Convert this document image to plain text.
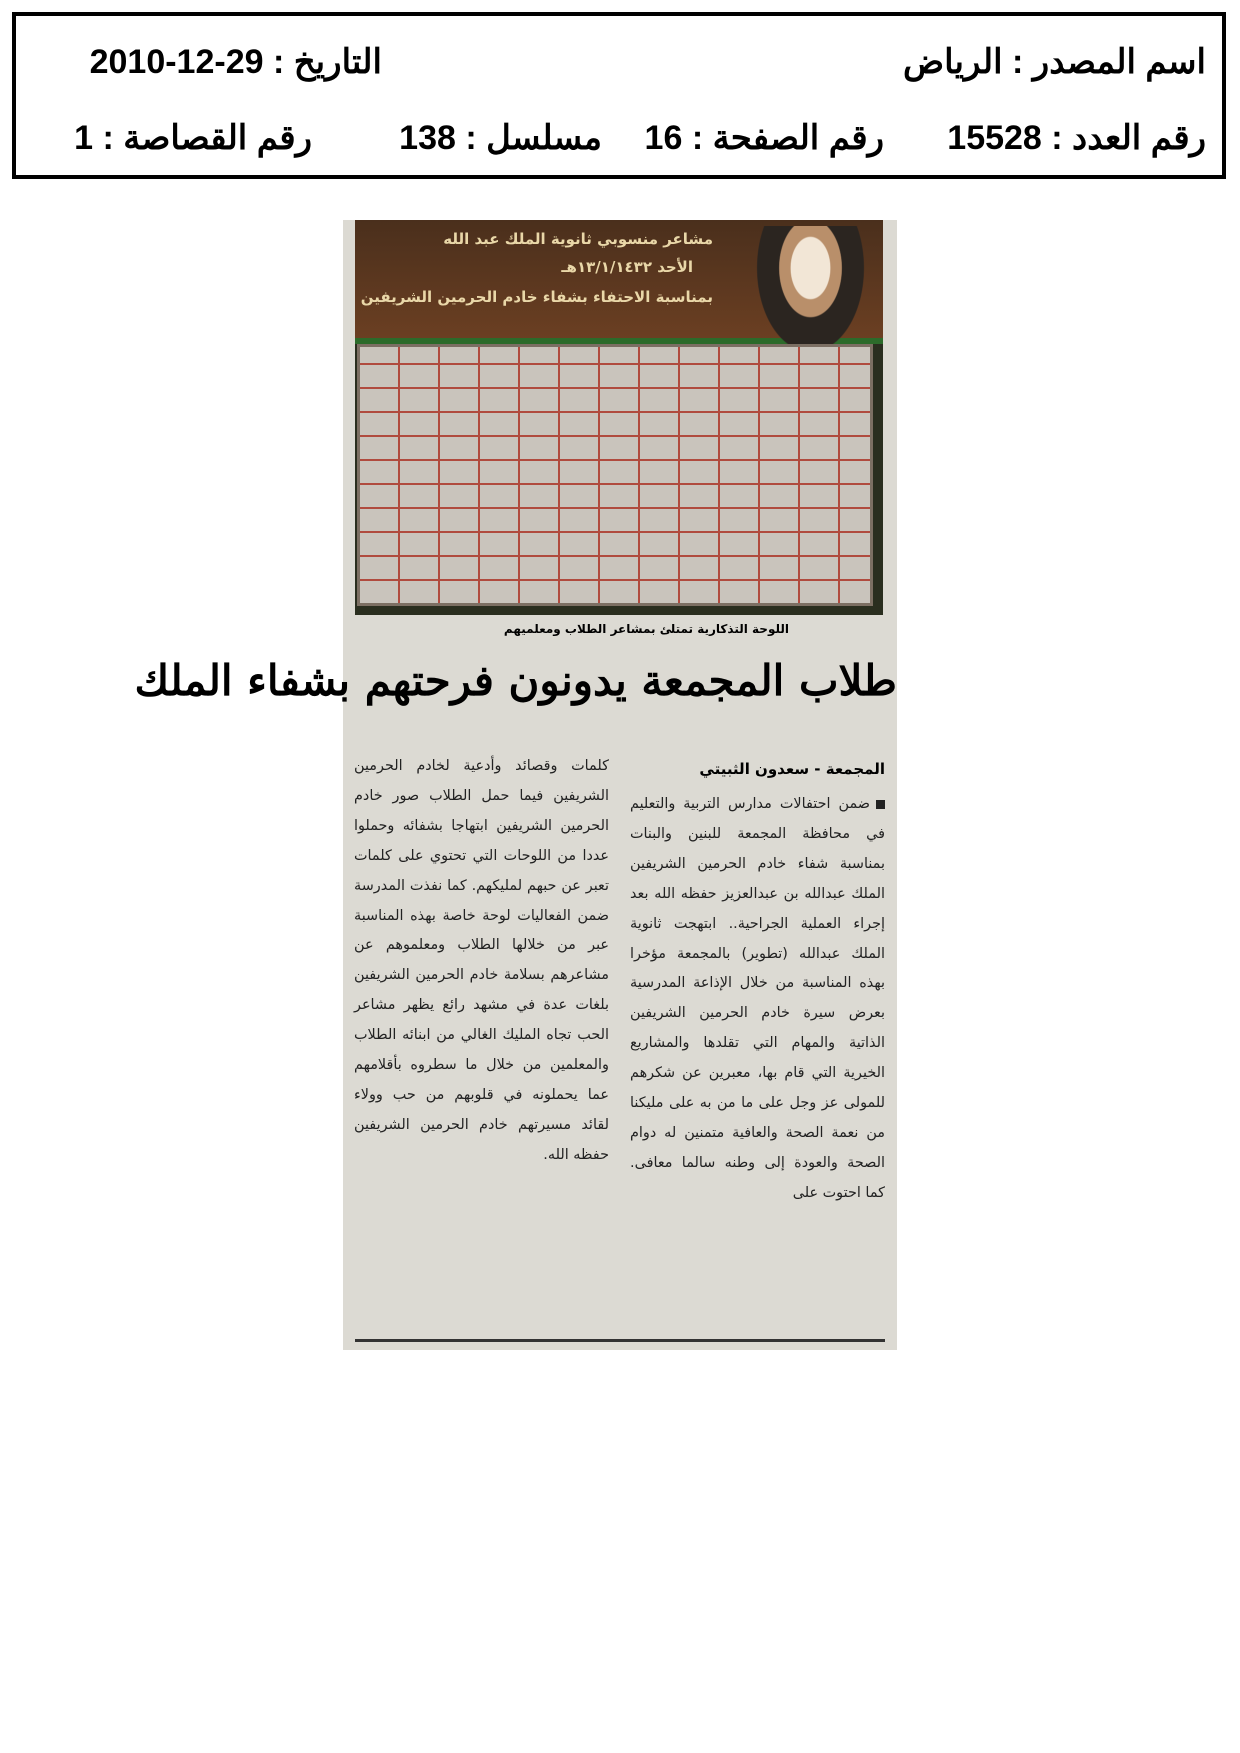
اسم المصدر : الرياض
التاريخ : 2010-12-29
رقم العدد : 15528
رقم الصفحة : 16
مسلسل : 138
رقم القصاصة : 1
مشاعر منسوبي ثانوية الملك عبد الله
الأحد ١٣/١/١٤٣٢هـ
بمناسبة الاحتفاء بشفاء خادم الحرمين الشريفين
اللوحة التذكارية تمتلئ بمشاعر الطلاب ومعلميهم
طلاب المجمعة يدونون فرحتهم بشفاء الملك
المجمعة - سعدون الثبيتي
ضمن احتفالات مدارس التربية والتعليم في محافظة المجمعة للبنين والبنات بمناسبة شفاء خادم الحرمين الشريفين الملك عبدالله بن عبدالعزيز حفظه الله بعد إجراء العملية الجراحية.. ابتهجت ثانوية الملك عبدالله (تطوير) بالمجمعة مؤخرا بهذه المناسبة من خلال الإذاعة المدرسية بعرض سيرة خادم الحرمين الشريفين الذاتية والمهام التي تقلدها والمشاريع الخيرية التي قام بها، معبرين عن شكرهم للمولى عز وجل على ما من به على مليكنا من نعمة الصحة والعافية متمنين له دوام الصحة والعودة إلى وطنه سالما معافى. كما احتوت على
كلمات وقصائد وأدعية لخادم الحرمين الشريفين فيما حمل الطلاب صور خادم الحرمين الشريفين ابتهاجا بشفائه وحملوا عددا من اللوحات التي تحتوي على كلمات تعبر عن حبهم لمليكهم. كما نفذت المدرسة ضمن الفعاليات لوحة خاصة بهذه المناسبة عبر من خلالها الطلاب ومعلموهم عن مشاعرهم بسلامة خادم الحرمين الشريفين بلغات عدة في مشهد رائع يظهر مشاعر الحب تجاه المليك الغالي من ابنائه الطلاب والمعلمين من خلال ما سطروه بأقلامهم عما يحملونه في قلوبهم من حب وولاء لقائد مسيرتهم خادم الحرمين الشريفين حفظه الله.
